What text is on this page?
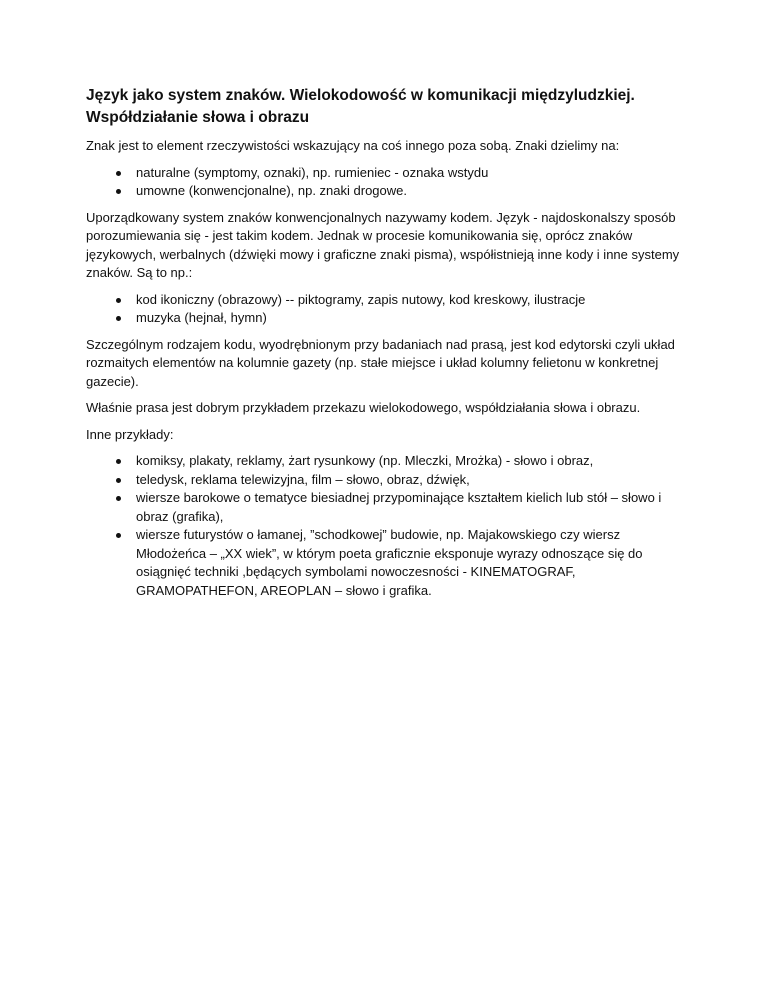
Język jako system znaków. Wielokodowość w komunikacji międzyludzkiej. Współdziałanie słowa i obrazu

Znak jest to element rzeczywistości wskazujący na coś innego poza sobą. Znaki dzielimy na:

naturalne (symptomy, oznaki), np. rumieniec - oznaka wstydu
umowne (konwencjonalne), np. znaki drogowe.

Uporządkowany system znaków konwencjonalnych nazywamy kodem. Język - najdoskonalszy sposób porozumiewania się - jest takim kodem. Jednak w procesie komunikowania się, oprócz znaków językowych, werbalnych (dźwięki mowy i graficzne znaki pisma), współistnieją inne kody i inne systemy znaków. Są to np.:

kod ikoniczny (obrazowy) -- piktogramy, zapis nutowy, kod kreskowy, ilustracje
muzyka (hejnał, hymn)

Szczególnym rodzajem kodu, wyodrębnionym przy badaniach nad prasą, jest kod edytorski czyli układ rozmaitych elementów na kolumnie gazety (np. stałe miejsce i układ kolumny felietonu w konkretnej gazecie).

Właśnie prasa jest dobrym przykładem przekazu wielokodowego, współdziałania słowa i obrazu.

Inne przykłady:

komiksy, plakaty, reklamy, żart rysunkowy (np. Mleczki, Mrożka) - słowo i obraz,
teledysk, reklama telewizyjna, film – słowo, obraz, dźwięk,
wiersze barokowe o tematyce biesiadnej przypominające kształtem kielich lub stół – słowo i obraz (grafika),
wiersze futurystów o łamanej, ”schodkowej” budowie, np. Majakowskiego czy wiersz Młodożeńca – „XX wiek”, w którym poeta graficznie eksponuje wyrazy odnoszące się do osiągnięć techniki ,będących symbolami nowoczesności - KINEMATOGRAF, GRAMOPATHEFON, AREOPLAN – słowo i grafika.
